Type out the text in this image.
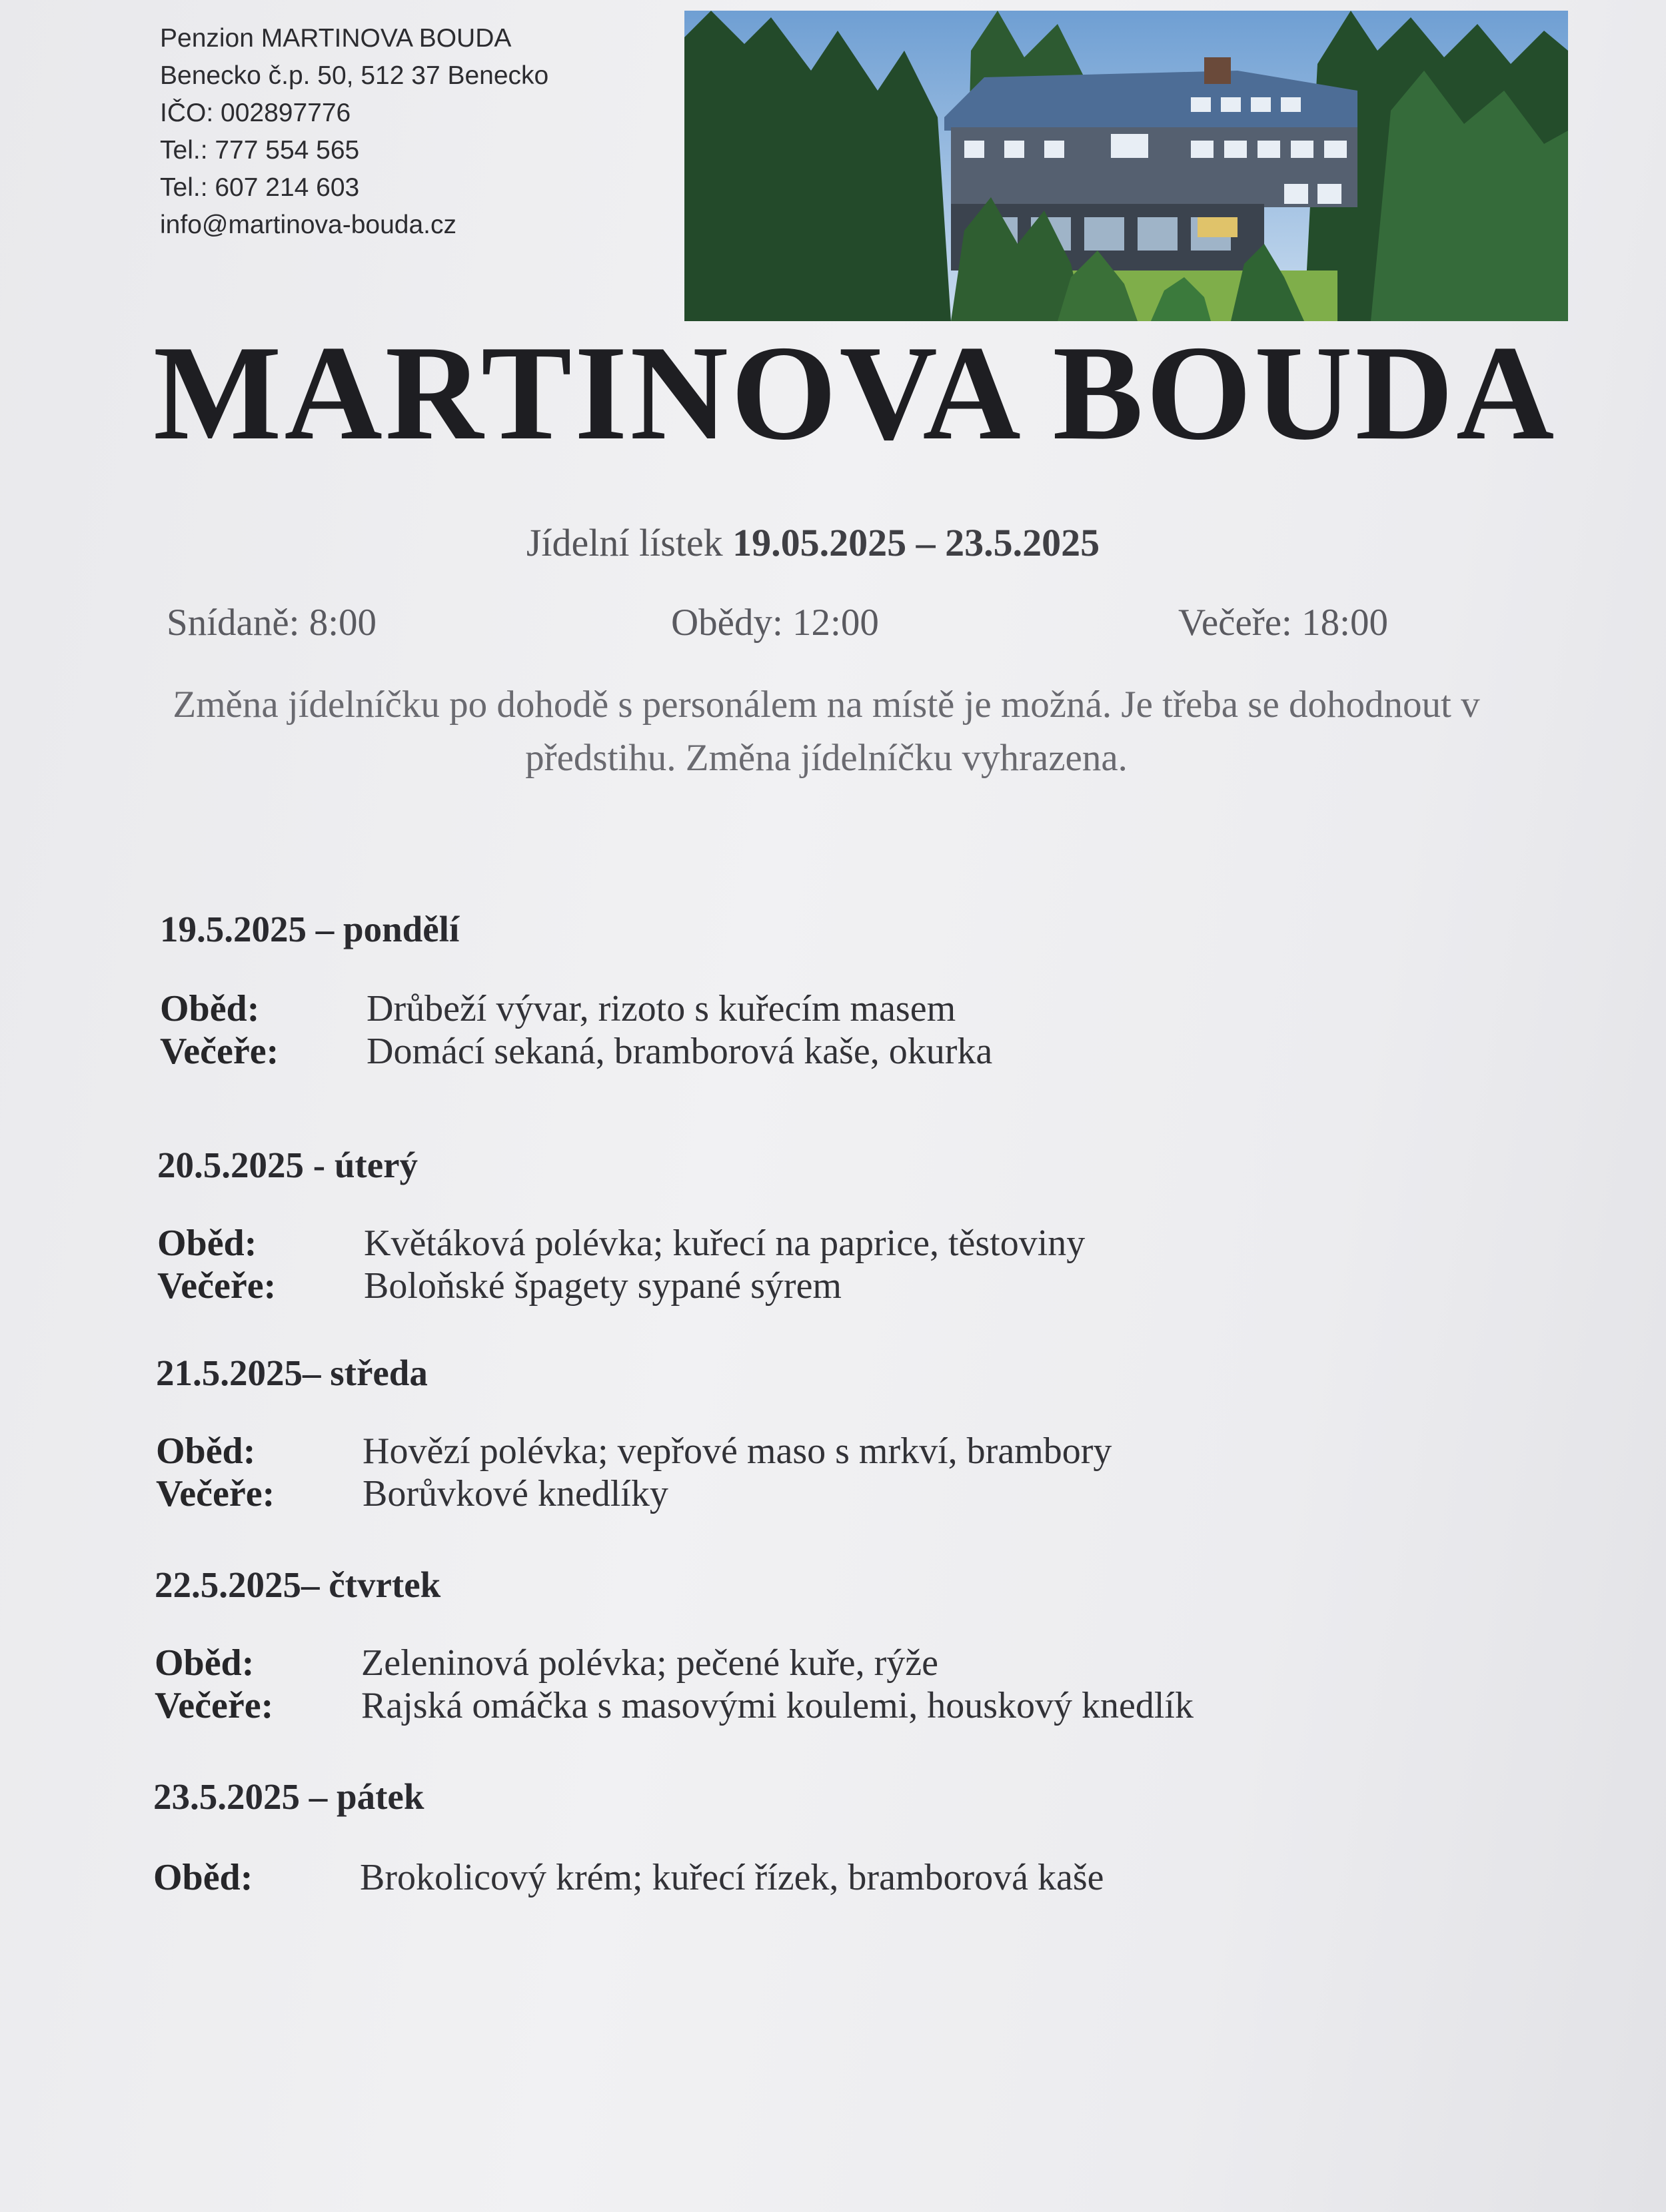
Penzion MARTINOVA BOUDA
Benecko č.p. 50, 512 37 Benecko
IČO: 002897776
Tel.: 777 554 565
Tel.: 607 214 603
info@martinova-bouda.cz
MARTINOVA BOUDA
Jídelní lístek 19.05.2025 – 23.5.2025
Snídaně: 8:00	Obědy: 12:00	Večeře: 18:00
Změna jídelníčku po dohodě s personálem na místě je možná. Je třeba se dohodnout v předstihu. Změna jídelníčku vyhrazena.
19.5.2025 – pondělí
Oběd:	Drůbeží vývar, rizoto s kuřecím masem
Večeře:	Domácí sekaná, bramborová kaše, okurka
20.5.2025 - úterý
Oběd:	Květáková polévka; kuřecí na paprice, těstoviny
Večeře:	Boloňské špagety sypané sýrem
21.5.2025– středa
Oběd:	Hovězí polévka; vepřové maso s mrkví, brambory
Večeře:	Borůvkové knedlíky
22.5.2025– čtvrtek
Oběd:	Zeleninová polévka; pečené kuře, rýže
Večeře:	Rajská omáčka s masovými koulemi, houskový knedlík
23.5.2025 – pátek
Oběd:	Brokolicový krém; kuřecí řízek, bramborová kaše
